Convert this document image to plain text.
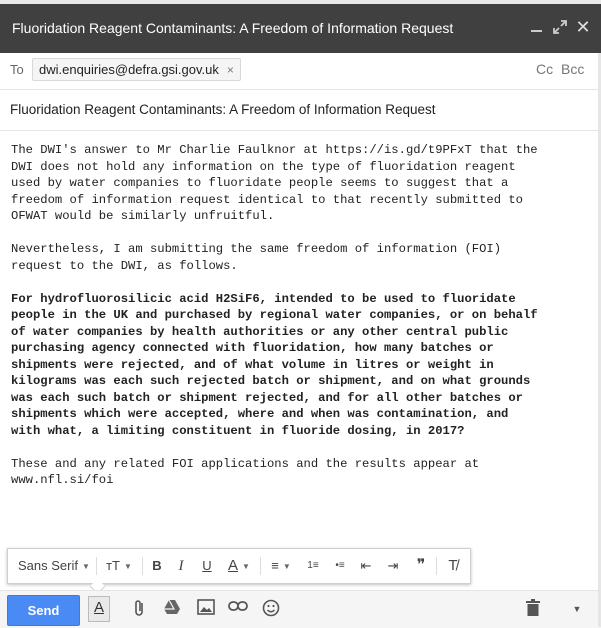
Fluoridation Reagent Contaminants: A Freedom of Information Request	✕
To	dwi.enquiries@defra.gsi.gov.uk ×	Cc Bcc
Fluoridation Reagent Contaminants: A Freedom of Information Request
The DWI's answer to Mr Charlie Faulknor at https://is.gd/t9PFxT that the
DWI does not hold any information on the type of fluoridation reagent
used by water companies to fluoridate people seems to suggest that a
freedom of information request identical to that recently submitted to
OFWAT would be similarly unfruitful.

Nevertheless, I am submitting the same freedom of information (FOI)
request to the DWI, as follows.

For hydrofluorosilicic acid H2SiF6, intended to be used to fluoridate
people in the UK and purchased by regional water companies, or on behalf
of water companies by health authorities or any other central public
purchasing agency connected with fluoridation, how many batches or
shipments were rejected, and of what volume in litres or weight in
kilograms was each such rejected batch or shipment, and on what grounds
was each such batch or shipment rejected, and for all other batches or
shipments which were accepted, where and when was contamination, and
with what, a limiting constituent in fluoride dosing, in 2017?

These and any related FOI applications and the results appear at
www.nfl.si/foi
Sans Serif ▼	тT ▼	B	I	U A ▼	≡ ▼	1≡	•≡	⇤	⇥	❞	T̸
Send	A	▼
